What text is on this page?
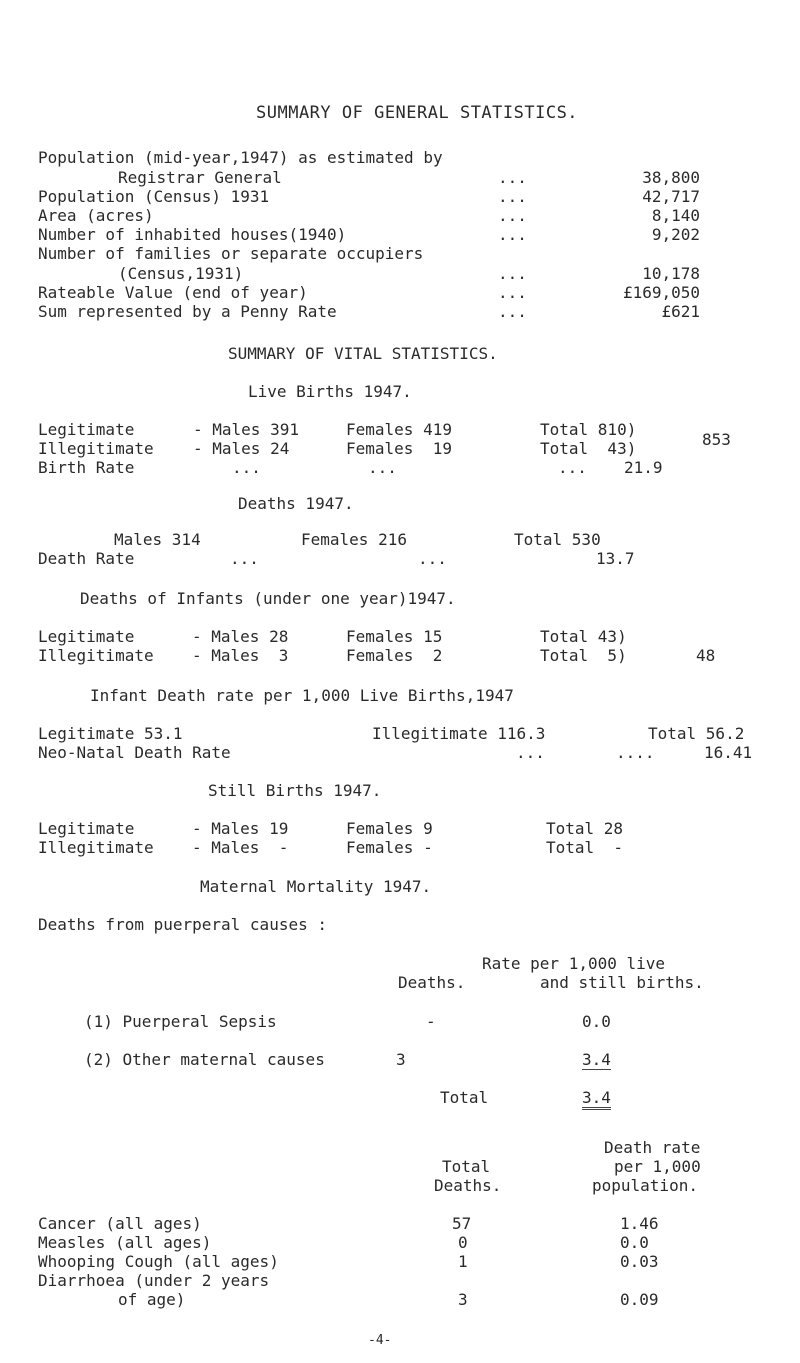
SUMMARY OF GENERAL STATISTICS.
Population (mid-year,1947) as estimated by
Registrar General	...	38,800
Population (Census) 1931	...	42,717
Area (acres)	...	8,140
Number of inhabited houses(1940)	...	9,202
Number of families or separate occupiers
(Census,1931)	...	10,178
Rateable Value (end of year)	...	£169,050
Sum represented by a Penny Rate	...	£621
SUMMARY OF VITAL STATISTICS.
Live Births 1947.
Legitimate	- Males 391	Females 419	Total 810)
Illegitimate - Males 24	Females  19	Total  43)	853
Birth Rate	...	...	... 21.9
Deaths 1947.
Males 314	Females 216	Total 530
Death Rate	...	...	13.7
Deaths of Infants (under one year)1947.
Legitimate	- Males 28	Females 15	Total 43)
Illegitimate - Males  3	Females  2	Total  5)	48
Infant Death rate per 1,000 Live Births,1947
Legitimate 53.1	Illegitimate 116.3	Total 56.2
Neo-Natal Death Rate	...	....	16.41
Still Births 1947.
Legitimate	- Males 19	Females 9	Total 28
Illegitimate - Males  -	Females -	Total  -
Maternal Mortality 1947.
Deaths from puerperal causes :
Rate per 1,000 live
Deaths.	and still births.
(1) Puerperal Sepsis	-	0.0
(2) Other maternal causes	3	3.4
Total	3.4
Death rate
Total	per 1,000
Deaths.	population.
Cancer (all ages)	57	1.46
Measles (all ages)	0	0.0
Whooping Cough (all ages)	1	0.03
Diarrhoea (under 2 years
of age)	3	0.09
-4-
